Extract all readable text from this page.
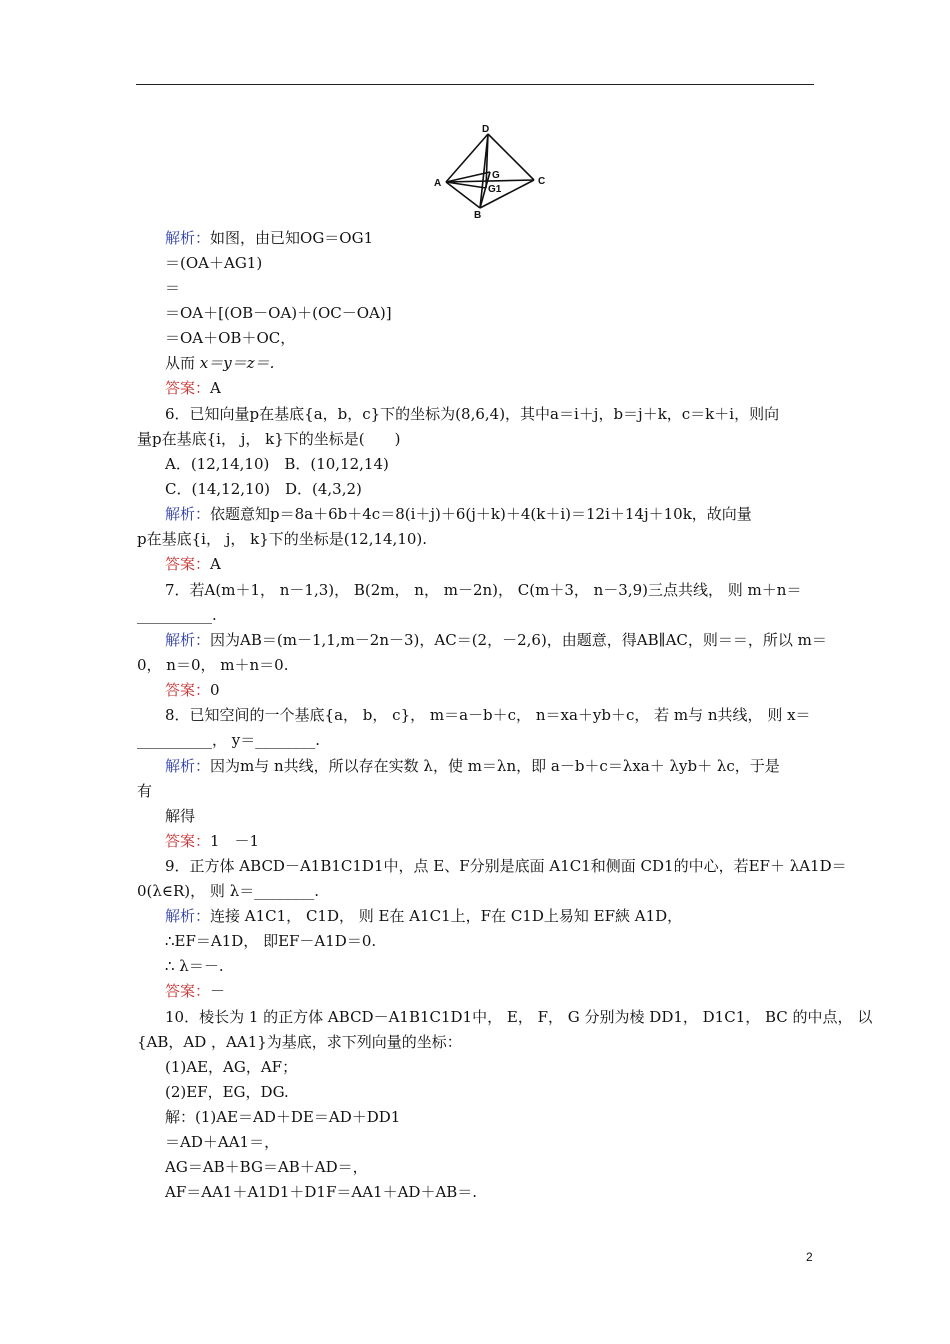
D
G
A
G1
C
B
解析：如图，由已知OG＝OG1
＝(OA＋AG1)
＝
＝OA＋[(OB－OA)＋(OC－OA)]
＝OA＋OB＋OC，
从而 x＝y＝z＝.
答案：A
6．已知向量p在基底{a，b，c}下的坐标为(8,6,4)，其中a＝i＋j，b＝j＋k，c＝k＋i，则向
量p在基底{i， j， k}下的坐标是(　　)
A．(12,14,10)　B．(10,12,14)
C．(14,12,10)　D．(4,3,2)
解析：依题意知p＝8a＋6b＋4c＝8(i＋j)＋6(j＋k)＋4(k＋i)＝12i＋14j＋10k，故向量
p在基底{i， j， k}下的坐标是(12,14,10).
答案：A
7．若A(m＋1， n－1,3)， B(2m， n， m－2n)， C(m＋3， n－3,9)三点共线， 则 m＋n＝
__________.
解析：因为AB＝(m－1,1,m－2n－3)，AC＝(2，－2,6)，由题意，得AB∥AC，则＝＝，所以 m＝
0， n＝0， m＋n＝0.
答案：0
8．已知空间的一个基底{a， b， c}， m＝a－b＋c， n＝xa＋yb＋c， 若 m与 n共线， 则 x＝
__________， y＝________.
解析：因为m与 n共线，所以存在实数 λ，使 m＝λn，即 a－b＋c＝λxa＋ λyb＋ λc，于是
有
解得
答案：1　－1
9．正方体 ABCD－A1B1C1D1中，点 E、F分别是底面 A1C1和侧面 CD1的中心，若EF＋ λA1D＝
0(λ∈R)， 则 λ＝________.
解析：连接 A1C1， C1D， 则 E在 A1C1上，F在 C1D上易知 EF綊 A1D，
∴EF＝A1D， 即EF－A1D＝0.
∴ λ＝－.
答案：－
10．棱长为 1 的正方体 ABCD－A1B1C1D1中， E， F， G 分别为棱 DD1， D1C1， BC 的中点， 以
{AB，AD ，AA1}为基底，求下列向量的坐标：
(1)AE，AG，AF；
(2)EF，EG，DG.
解：(1)AE＝AD＋DE＝AD＋DD1
＝AD＋AA1＝，
AG＝AB＋BG＝AB＋AD＝，
AF＝AA1＋A1D1＋D1F＝AA1＋AD＋AB＝.
2
